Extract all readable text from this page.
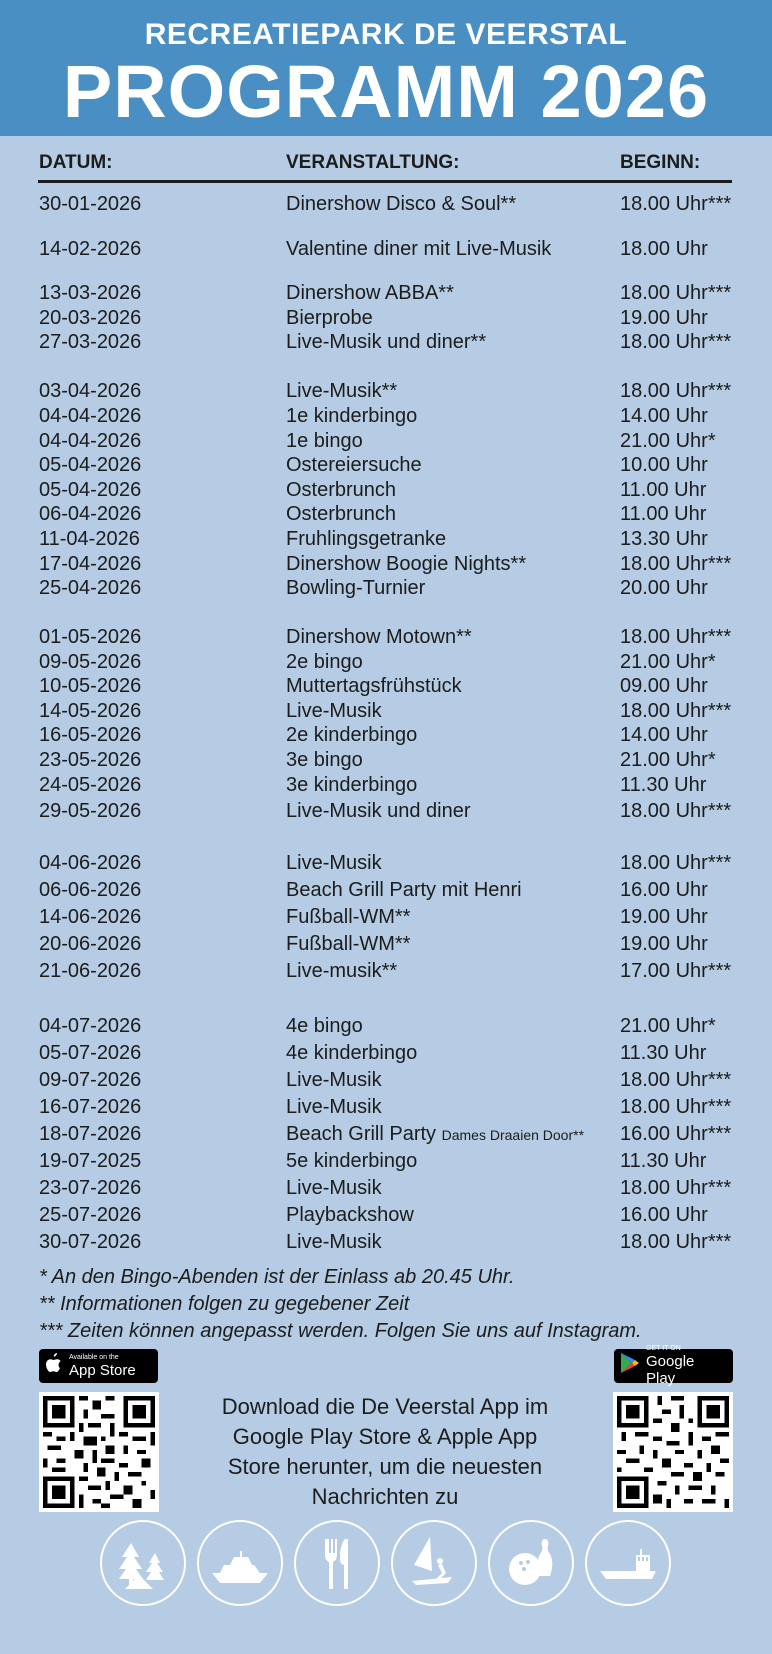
RECREATIEPARK DE VEERSTAL
PROGRAMM 2026
DATUM:	VERANSTALTUNG:	BEGINN:
30-01-2026	Dinershow Disco & Soul**	18.00 Uhr***
14-02-2026	Valentine diner mit Live-Musik	18.00 Uhr
13-03-2026	Dinershow ABBA**	18.00 Uhr***
20-03-2026	Bierprobe	19.00 Uhr
27-03-2026	Live-Musik und diner**	18.00 Uhr***
03-04-2026	Live-Musik**	18.00 Uhr***
04-04-2026	1e kinderbingo	14.00 Uhr
04-04-2026	1e bingo	21.00 Uhr*
05-04-2026	Ostereiersuche	10.00 Uhr
05-04-2026	Osterbrunch	11.00 Uhr
06-04-2026	Osterbrunch	11.00 Uhr
11-04-2026	Fruhlingsgetranke	13.30 Uhr
17-04-2026	Dinershow Boogie Nights**	18.00 Uhr***
25-04-2026	Bowling-Turnier	20.00 Uhr
01-05-2026	Dinershow Motown**	18.00 Uhr***
09-05-2026	2e bingo	21.00 Uhr*
10-05-2026	Muttertagsfrühstück	09.00 Uhr
14-05-2026	Live-Musik	18.00 Uhr***
16-05-2026	2e kinderbingo	14.00 Uhr
23-05-2026	3e bingo	21.00 Uhr*
24-05-2026	3e kinderbingo	11.30 Uhr
29-05-2026	Live-Musik und diner	18.00 Uhr***
04-06-2026	Live-Musik	18.00 Uhr***
06-06-2026	Beach Grill Party mit Henri	16.00 Uhr
14-06-2026	Fußball-WM**	19.00 Uhr
20-06-2026	Fußball-WM**	19.00 Uhr
21-06-2026	Live-musik**	17.00 Uhr***
04-07-2026	4e bingo	21.00 Uhr*
05-07-2026	4e kinderbingo	11.30 Uhr
09-07-2026	Live-Musik	18.00 Uhr***
16-07-2026	Live-Musik	18.00 Uhr***
18-07-2026	Beach Grill Party Dames Draaien Door** 16.00 Uhr***
19-07-2025	5e kinderbingo	11.30 Uhr
23-07-2026	Live-Musik	18.00 Uhr***
25-07-2026	Playbackshow	16.00 Uhr
30-07-2026	Live-Musik	18.00 Uhr***
* An den Bingo-Abenden ist der Einlass ab 20.45 Uhr.
** Informationen folgen zu gegebener Zeit
*** Zeiten können angepasst werden. Folgen Sie uns auf Instagram.
Available on the
App Store
GET IT ON
Google Play
Download die De Veerstal App im Google Play Store & Apple App Store herunter, um die neuesten Nachrichten zu
